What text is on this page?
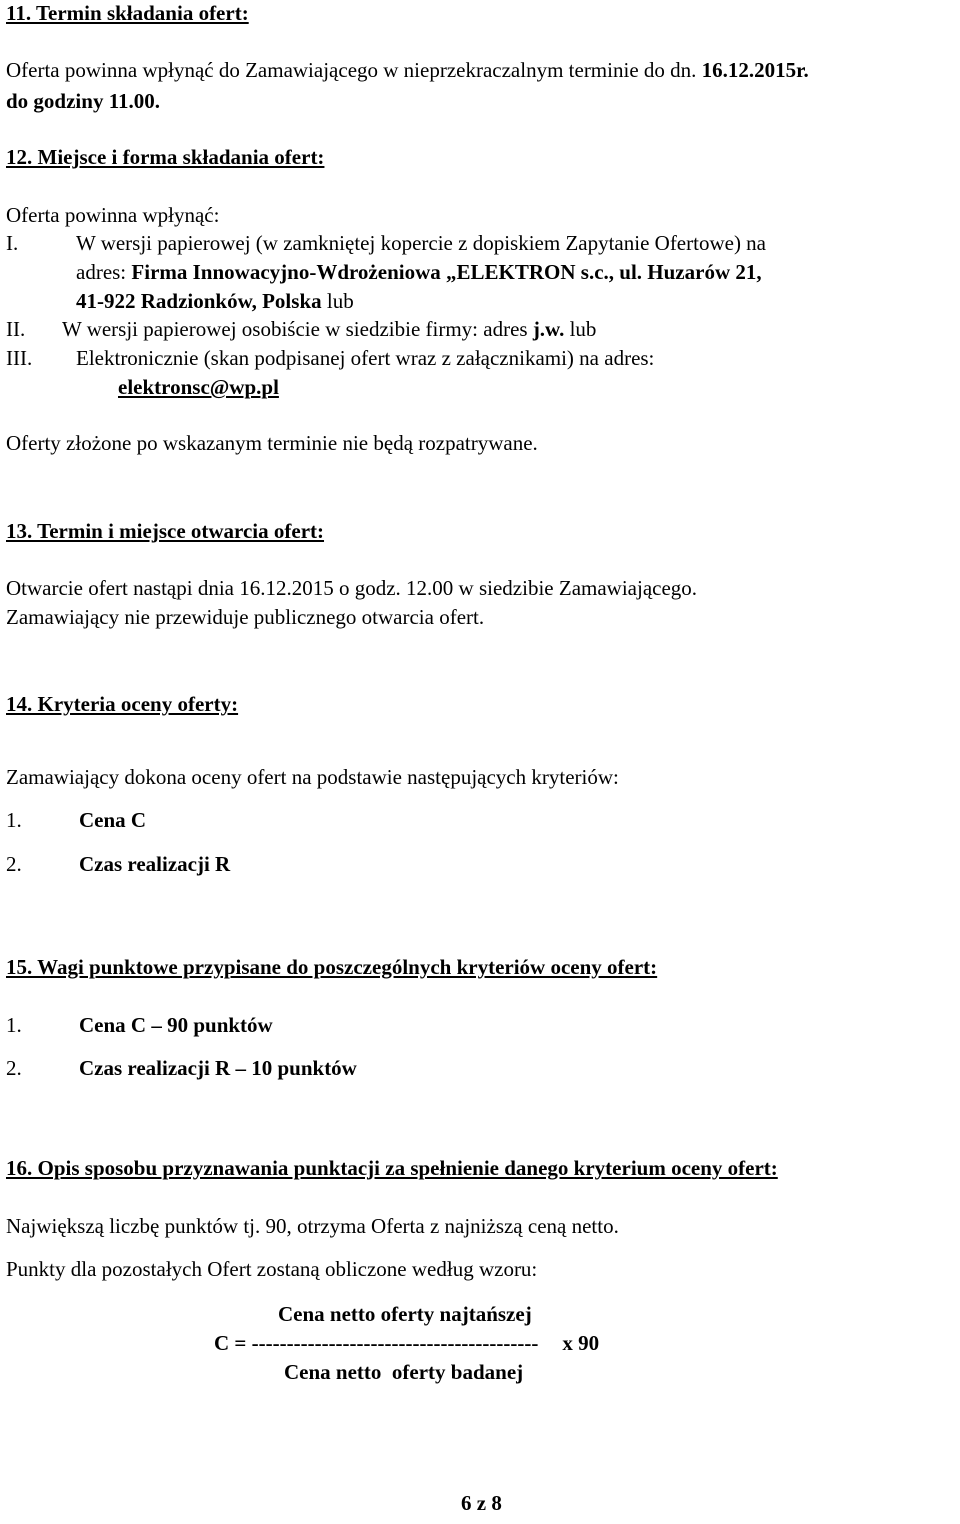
11. Termin składania ofert:
Oferta powinna wpłynąć do Zamawiającego w nieprzekraczalnym terminie do dn. 16.12.2015r.
do godziny 11.00.
12. Miejsce i forma składania ofert:
Oferta powinna wpłynąć:
I.	W wersji papierowej (w zamkniętej kopercie z dopiskiem Zapytanie Ofertowe) na
adres: Firma Innowacyjno-Wdrożeniowa „ELEKTRON s.c., ul. Huzarów 21,
41-922 Radzionków, Polska lub
II. W wersji papierowej osobiście w siedzibie firmy: adres j.w. lub
III. Elektronicznie (skan podpisanej ofert wraz z załącznikami) na adres:
elektronsc@wp.pl
Oferty złożone po wskazanym terminie nie będą rozpatrywane.
13. Termin i miejsce otwarcia ofert:
Otwarcie ofert nastąpi dnia 16.12.2015 o godz. 12.00 w siedzibie Zamawiającego.
Zamawiający nie przewiduje publicznego otwarcia ofert.
14. Kryteria oceny oferty:
Zamawiający dokona oceny ofert na podstawie następujących kryteriów:
1.	Cena C
2.	Czas realizacji R
15. Wagi punktowe przypisane do poszczególnych kryteriów oceny ofert:
1.	Cena C – 90 punktów
2.	Czas realizacji R – 10 punktów
16. Opis sposobu przyznawania punktacji za spełnienie danego kryterium oceny ofert:
Największą liczbę punktów tj. 90, otrzyma Oferta z najniższą ceną netto.
Punkty dla pozostałych Ofert zostaną obliczone według wzoru:
Cena netto oferty najtańszej
C = ----------------------------------------- x 90
Cena netto  oferty badanej
6 z 8
